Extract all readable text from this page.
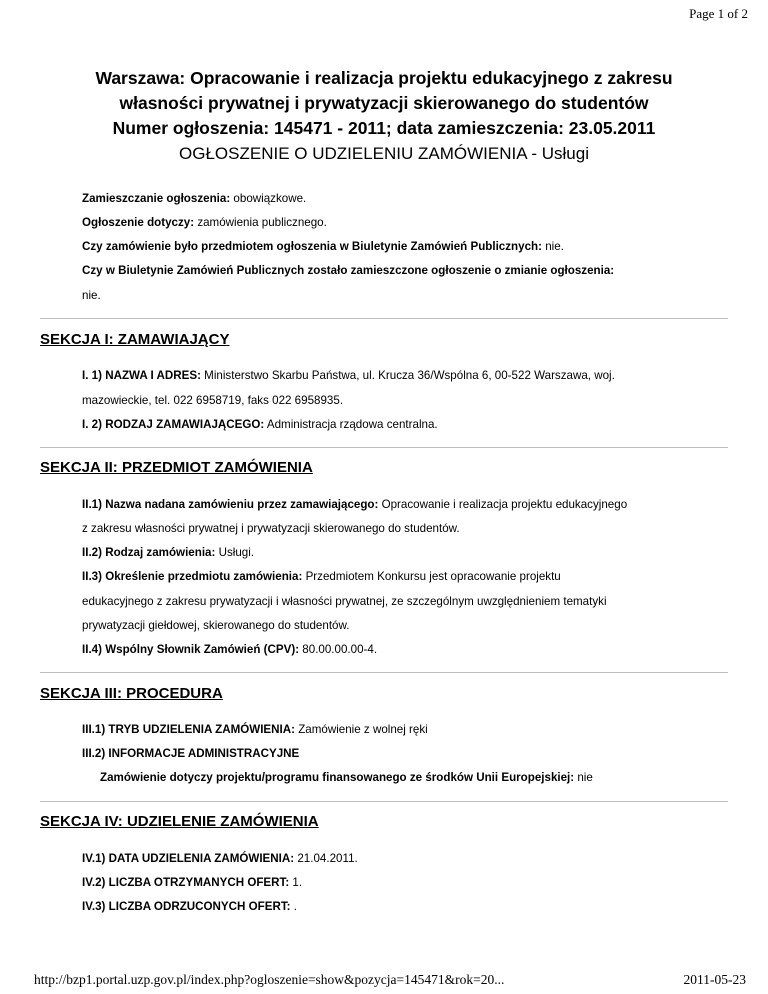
Page 1 of 2
Warszawa: Opracowanie i realizacja projektu edukacyjnego z zakresu
własności prywatnej i prywatyzacji skierowanego do studentów
Numer ogłoszenia: 145471 - 2011; data zamieszczenia: 23.05.2011
OGŁOSZENIE O UDZIELENIU ZAMÓWIENIA - Usługi
Zamieszczanie ogłoszenia: obowiązkowe.
Ogłoszenie dotyczy: zamówienia publicznego.
Czy zamówienie było przedmiotem ogłoszenia w Biuletynie Zamówień Publicznych: nie.
Czy w Biuletynie Zamówień Publicznych zostało zamieszczone ogłoszenie o zmianie ogłoszenia:
nie.
SEKCJA I: ZAMAWIAJĄCY
I. 1) NAZWA I ADRES: Ministerstwo Skarbu Państwa, ul. Krucza 36/Wspólna 6, 00-522 Warszawa, woj.
mazowieckie, tel. 022 6958719, faks 022 6958935.
I. 2) RODZAJ ZAMAWIAJĄCEGO: Administracja rządowa centralna.
SEKCJA II: PRZEDMIOT ZAMÓWIENIA
II.1) Nazwa nadana zamówieniu przez zamawiającego: Opracowanie i realizacja projektu edukacyjnego
z zakresu własności prywatnej i prywatyzacji skierowanego do studentów.
II.2) Rodzaj zamówienia: Usługi.
II.3) Określenie przedmiotu zamówienia: Przedmiotem Konkursu jest opracowanie projektu
edukacyjnego z zakresu prywatyzacji i własności prywatnej, ze szczególnym uwzględnieniem tematyki
prywatyzacji giełdowej, skierowanego do studentów.
II.4) Wspólny Słownik Zamówień (CPV): 80.00.00.00-4.
SEKCJA III: PROCEDURA
III.1) TRYB UDZIELENIA ZAMÓWIENIA: Zamówienie z wolnej ręki
III.2) INFORMACJE ADMINISTRACYJNE
Zamówienie dotyczy projektu/programu finansowanego ze środków Unii Europejskiej: nie
SEKCJA IV: UDZIELENIE ZAMÓWIENIA
IV.1) DATA UDZIELENIA ZAMÓWIENIA: 21.04.2011.
IV.2) LICZBA OTRZYMANYCH OFERT: 1.
IV.3) LICZBA ODRZUCONYCH OFERT: .
http://bzp1.portal.uzp.gov.pl/index.php?ogloszenie=show&pozycja=145471&rok=20...	2011-05-23
